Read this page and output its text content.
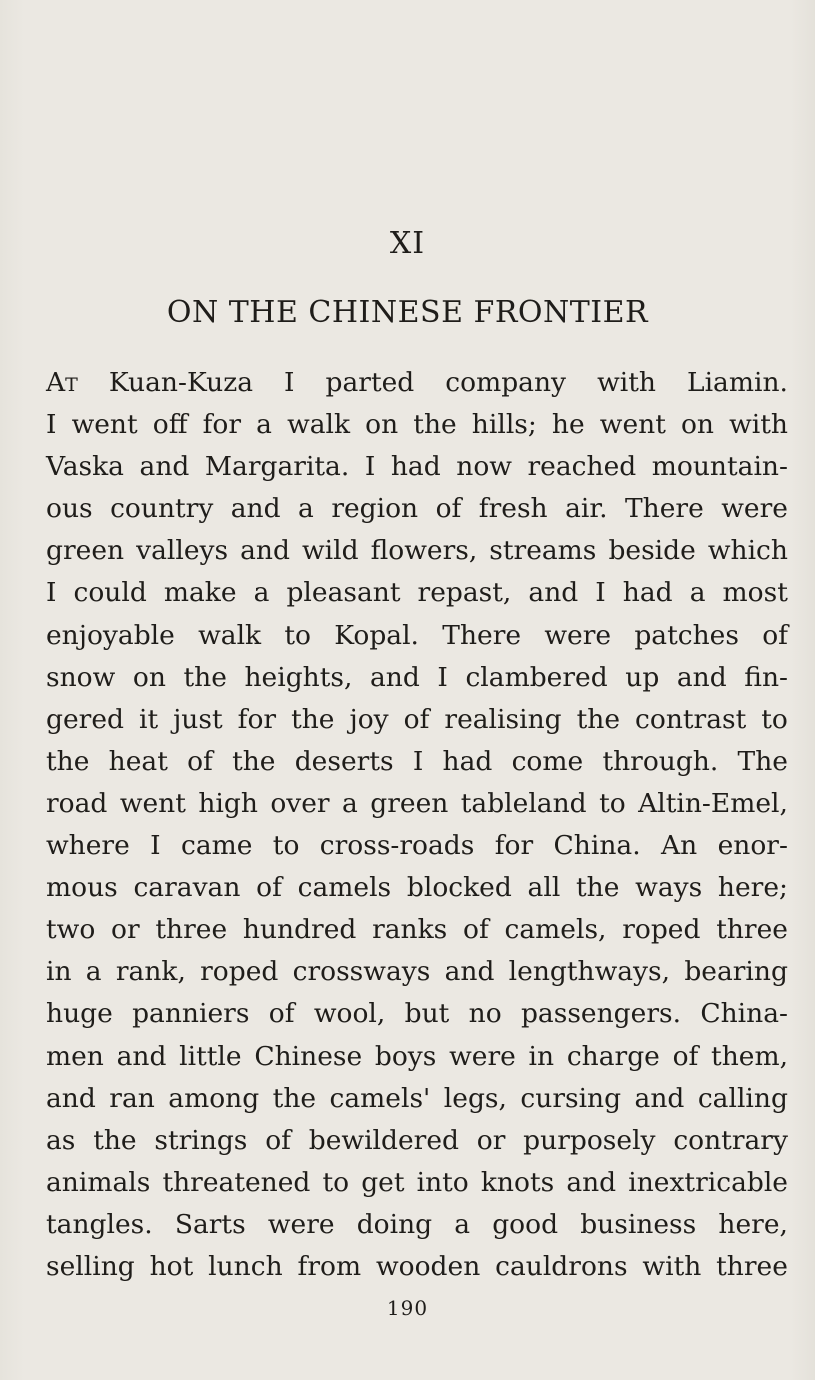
XI
ON THE CHINESE FRONTIER
At Kuan-Kuza I parted company with Liamin.
I went off for a walk on the hills; he went on with
Vaska and Margarita. I had now reached mountain-
ous country and a region of fresh air. There were
green valleys and wild flowers, streams beside which
I could make a pleasant repast, and I had a most
enjoyable walk to Kopal. There were patches of
snow on the heights, and I clambered up and fin-
gered it just for the joy of realising the contrast to
the heat of the deserts I had come through. The
road went high over a green tableland to Altin-Emel,
where I came to cross-roads for China. An enor-
mous caravan of camels blocked all the ways here;
two or three hundred ranks of camels, roped three
in a rank, roped crossways and lengthways, bearing
huge panniers of wool, but no passengers. China-
men and little Chinese boys were in charge of them,
and ran among the camels' legs, cursing and calling
as the strings of bewildered or purposely contrary
animals threatened to get into knots and inextricable
tangles. Sarts were doing a good business here,
selling hot lunch from wooden cauldrons with three
190
